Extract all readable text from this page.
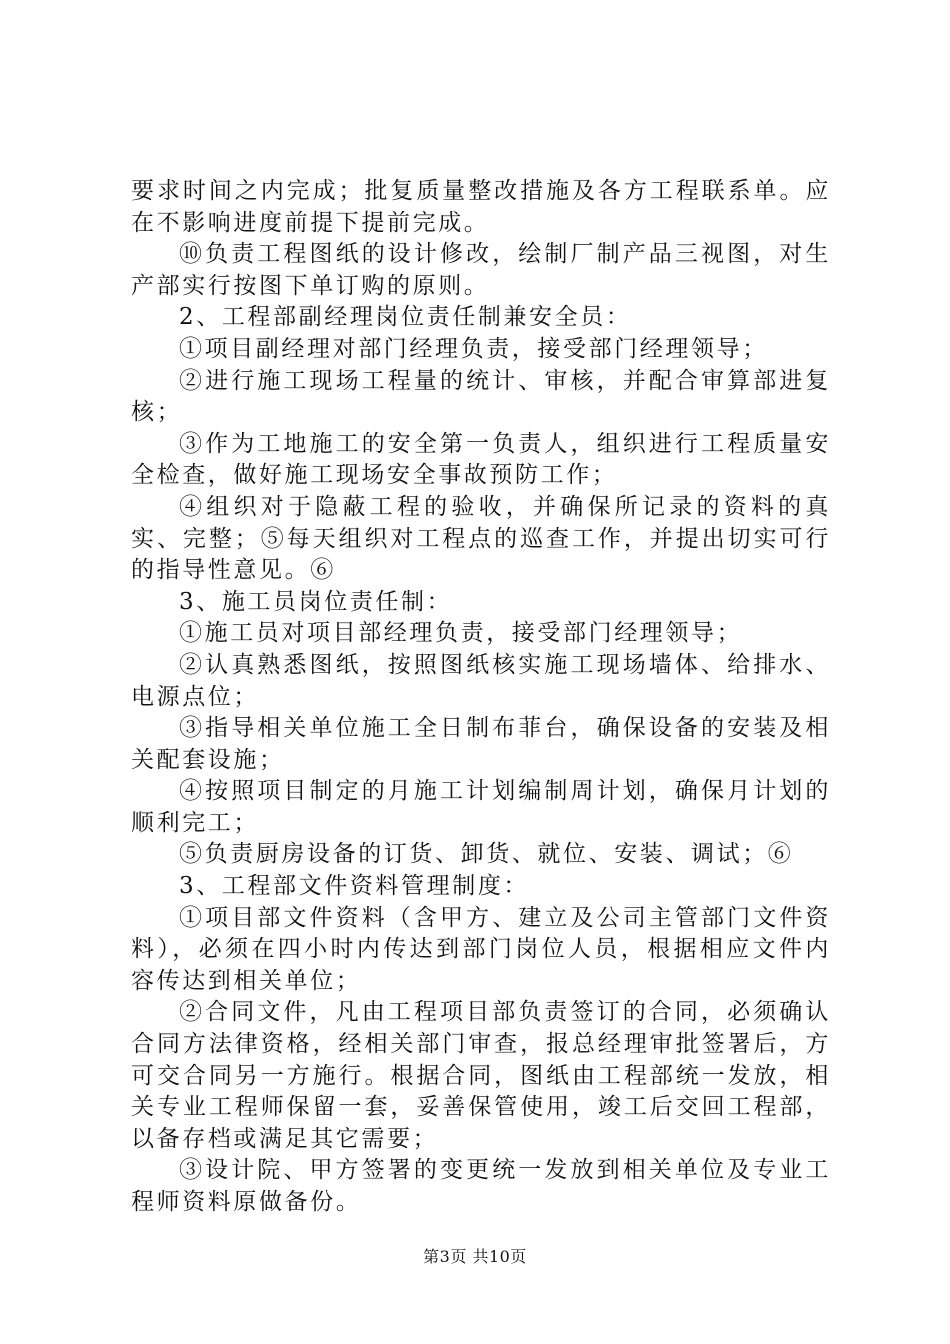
要求时间之内完成；批复质量整改措施及各方工程联系单。应在不影响进度前提下提前完成。

⑩负责工程图纸的设计修改，绘制厂制产品三视图，对生产部实行按图下单订购的原则。

2、工程部副经理岗位责任制兼安全员：

①项目副经理对部门经理负责，接受部门经理领导；

②进行施工现场工程量的统计、审核，并配合审算部进复核；

③作为工地施工的安全第一负责人，组织进行工程质量安全检查，做好施工现场安全事故预防工作；

④组织对于隐蔽工程的验收，并确保所记录的资料的真实、完整；⑤每天组织对工程点的巡查工作，并提出切实可行的指导性意见。⑥

3、施工员岗位责任制：

①施工员对项目部经理负责，接受部门经理领导；

②认真熟悉图纸，按照图纸核实施工现场墙体、给排水、电源点位；

③指导相关单位施工全日制布菲台，确保设备的安装及相关配套设施；

④按照项目制定的月施工计划编制周计划，确保月计划的顺利完工；

⑤负责厨房设备的订货、卸货、就位、安装、调试；⑥

3、工程部文件资料管理制度：

①项目部文件资料（含甲方、建立及公司主管部门文件资料），必须在四小时内传达到部门岗位人员，根据相应文件内容传达到相关单位；

②合同文件，凡由工程项目部负责签订的合同，必须确认合同方法律资格，经相关部门审查，报总经理审批签署后，方可交合同另一方施行。根据合同，图纸由工程部统一发放，相关专业工程师保留一套，妥善保管使用，竣工后交回工程部，以备存档或满足其它需要；

③设计院、甲方签署的变更统一发放到相关单位及专业工程师资料原做备份。

第3页 共10页
